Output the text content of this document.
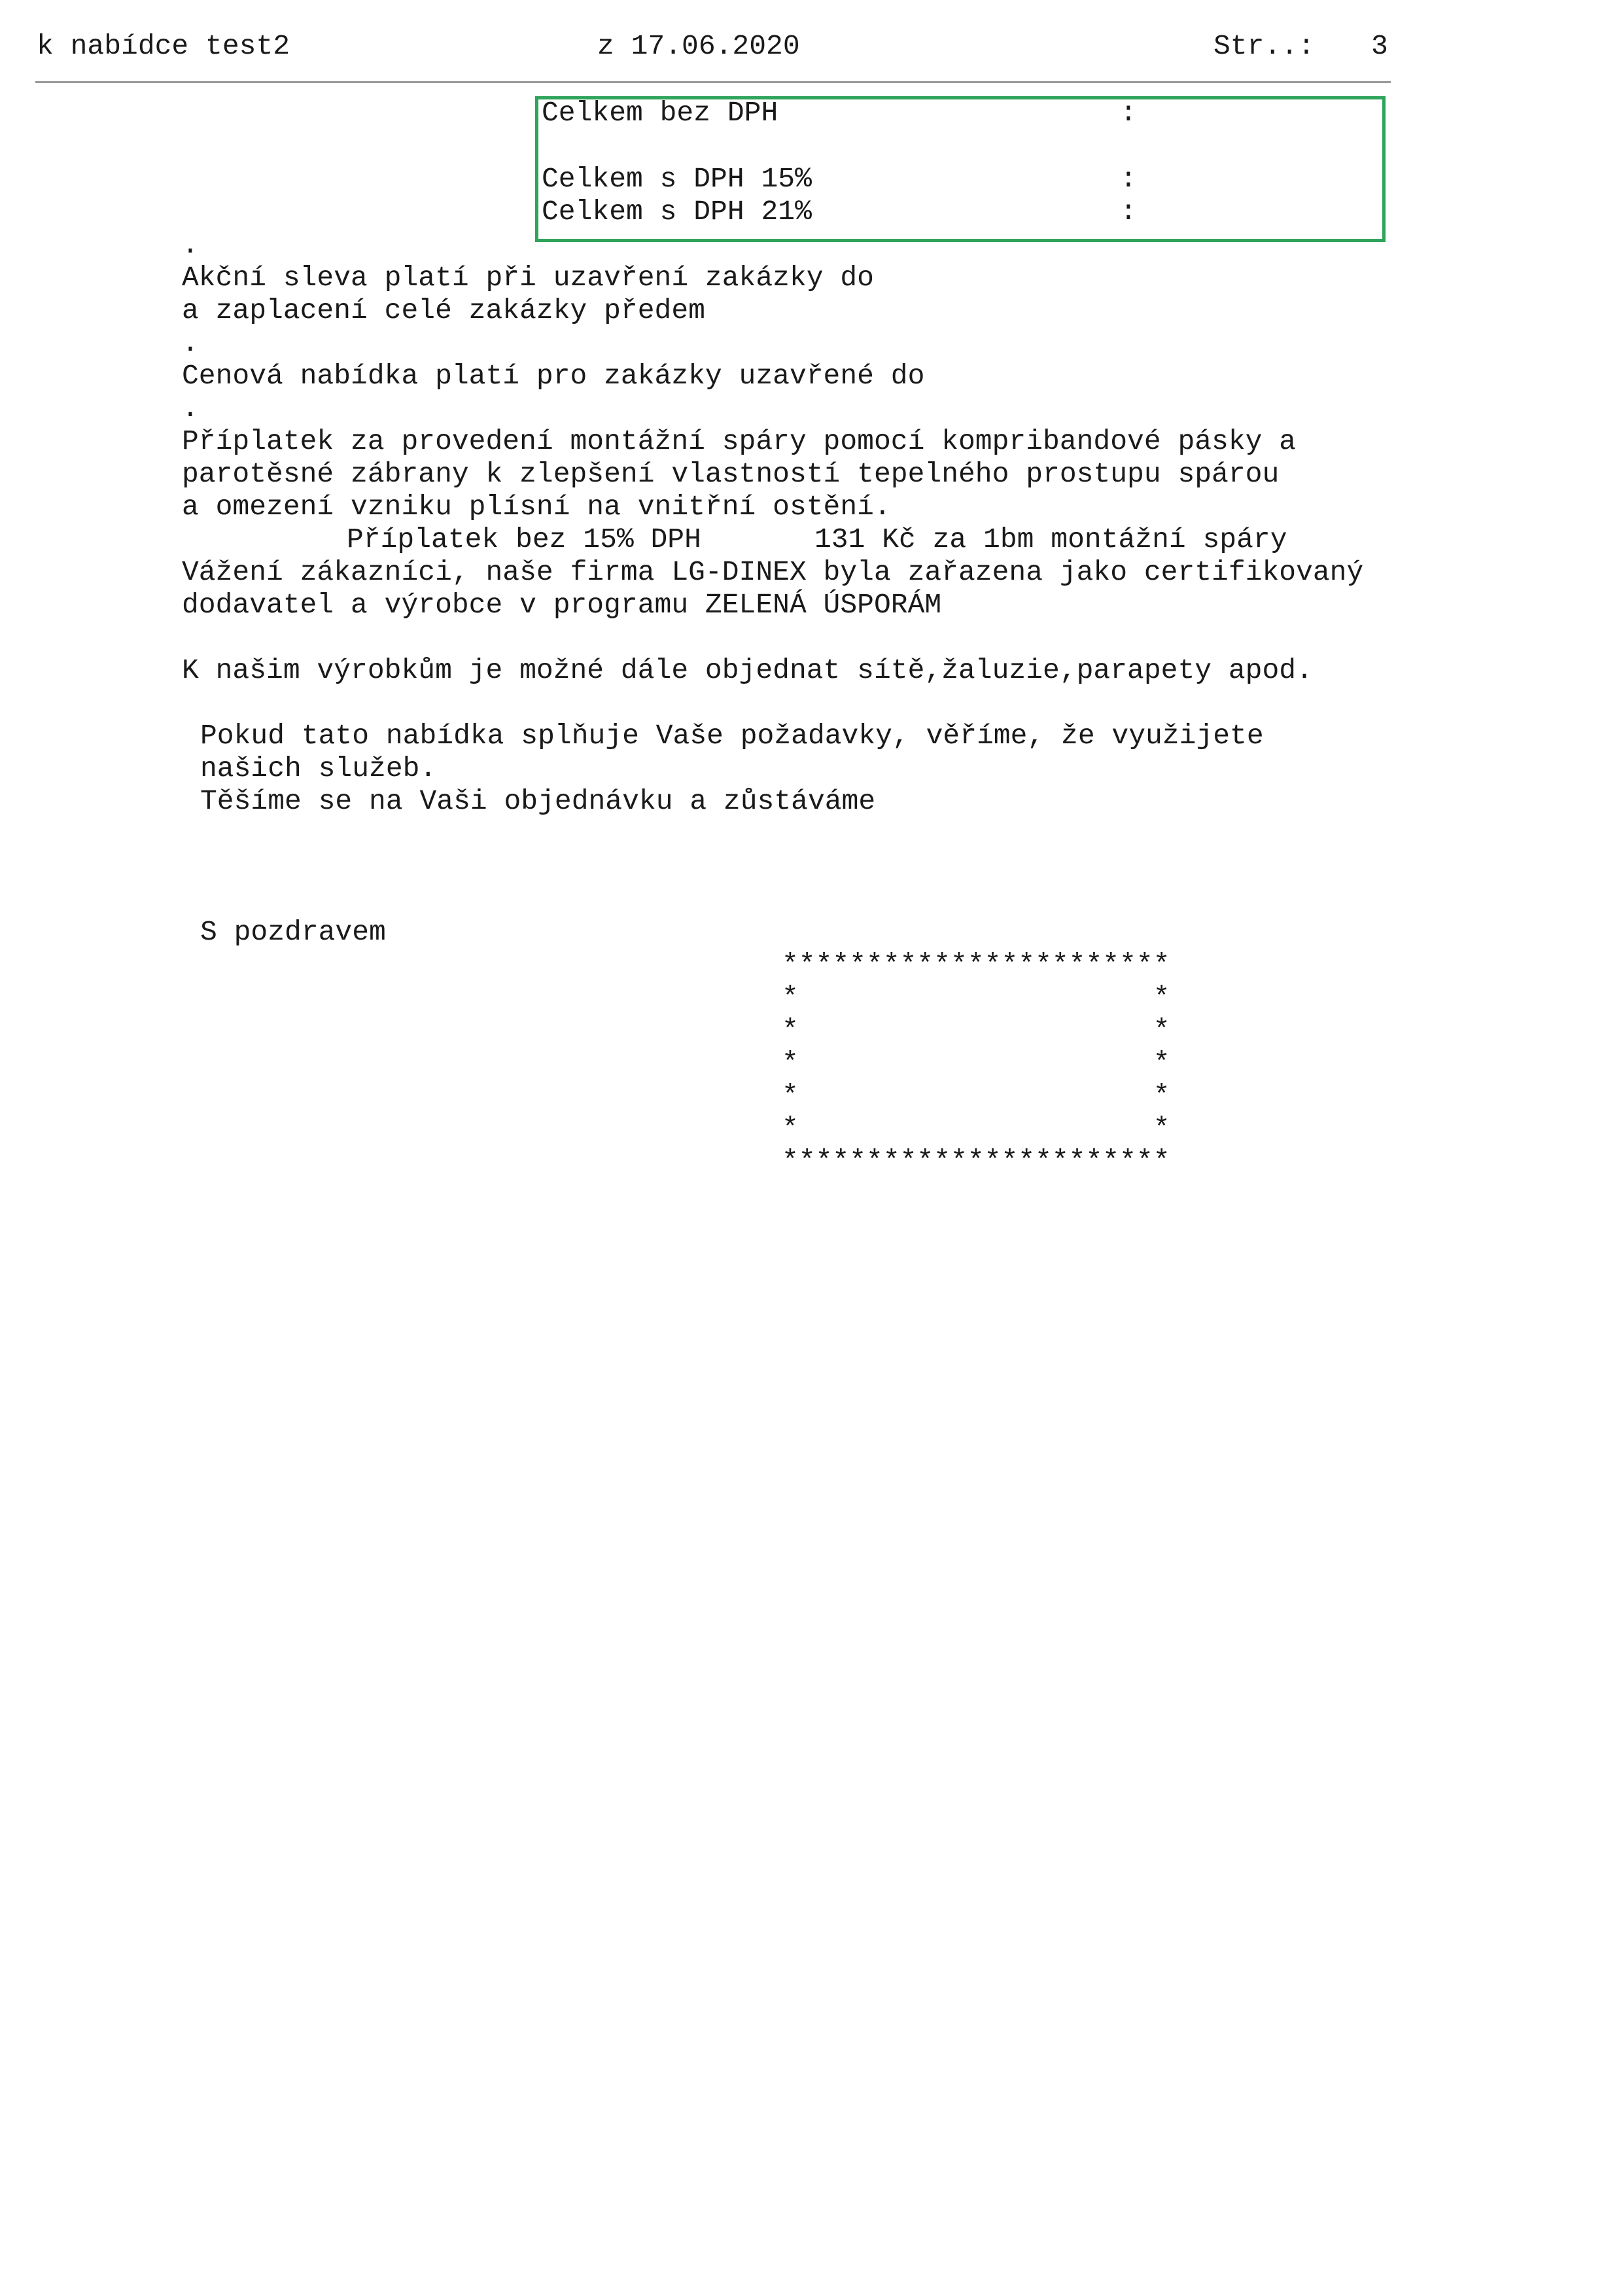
k nabídce test2	z 17.06.2020	Str..: 3
Celkem bez DPH	:
Celkem s DPH 15%	:
Celkem s DPH 21%	:
.
Akční sleva platí při uzavření zakázky do
a zaplacení celé zakázky předem
.
Cenová nabídka platí pro zakázky uzavřené do
.
Příplatek za provedení montážní spáry pomocí kompribandové pásky a
parotěsné zábrany k zlepšení vlastností tepelného prostupu spárou
a omezení vzniku plísní na vnitřní ostění.
Příplatek bez 15% DPH	131 Kč za 1bm montážní spáry
Vážení zákazníci, naše firma LG-DINEX byla zařazena jako certifikovaný
dodavatel a výrobce v programu ZELENÁ ÚSPORÁM
K našim výrobkům je možné dále objednat sítě,žaluzie,parapety apod.
Pokud tato nabídka splňuje Vaše požadavky, věříme, že využijete
našich služeb.
Těšíme se na Vaši objednávku a zůstáváme
S pozdravem
***********************
*                     *
*                     *
*                     *
*                     *
*                     *
***********************
